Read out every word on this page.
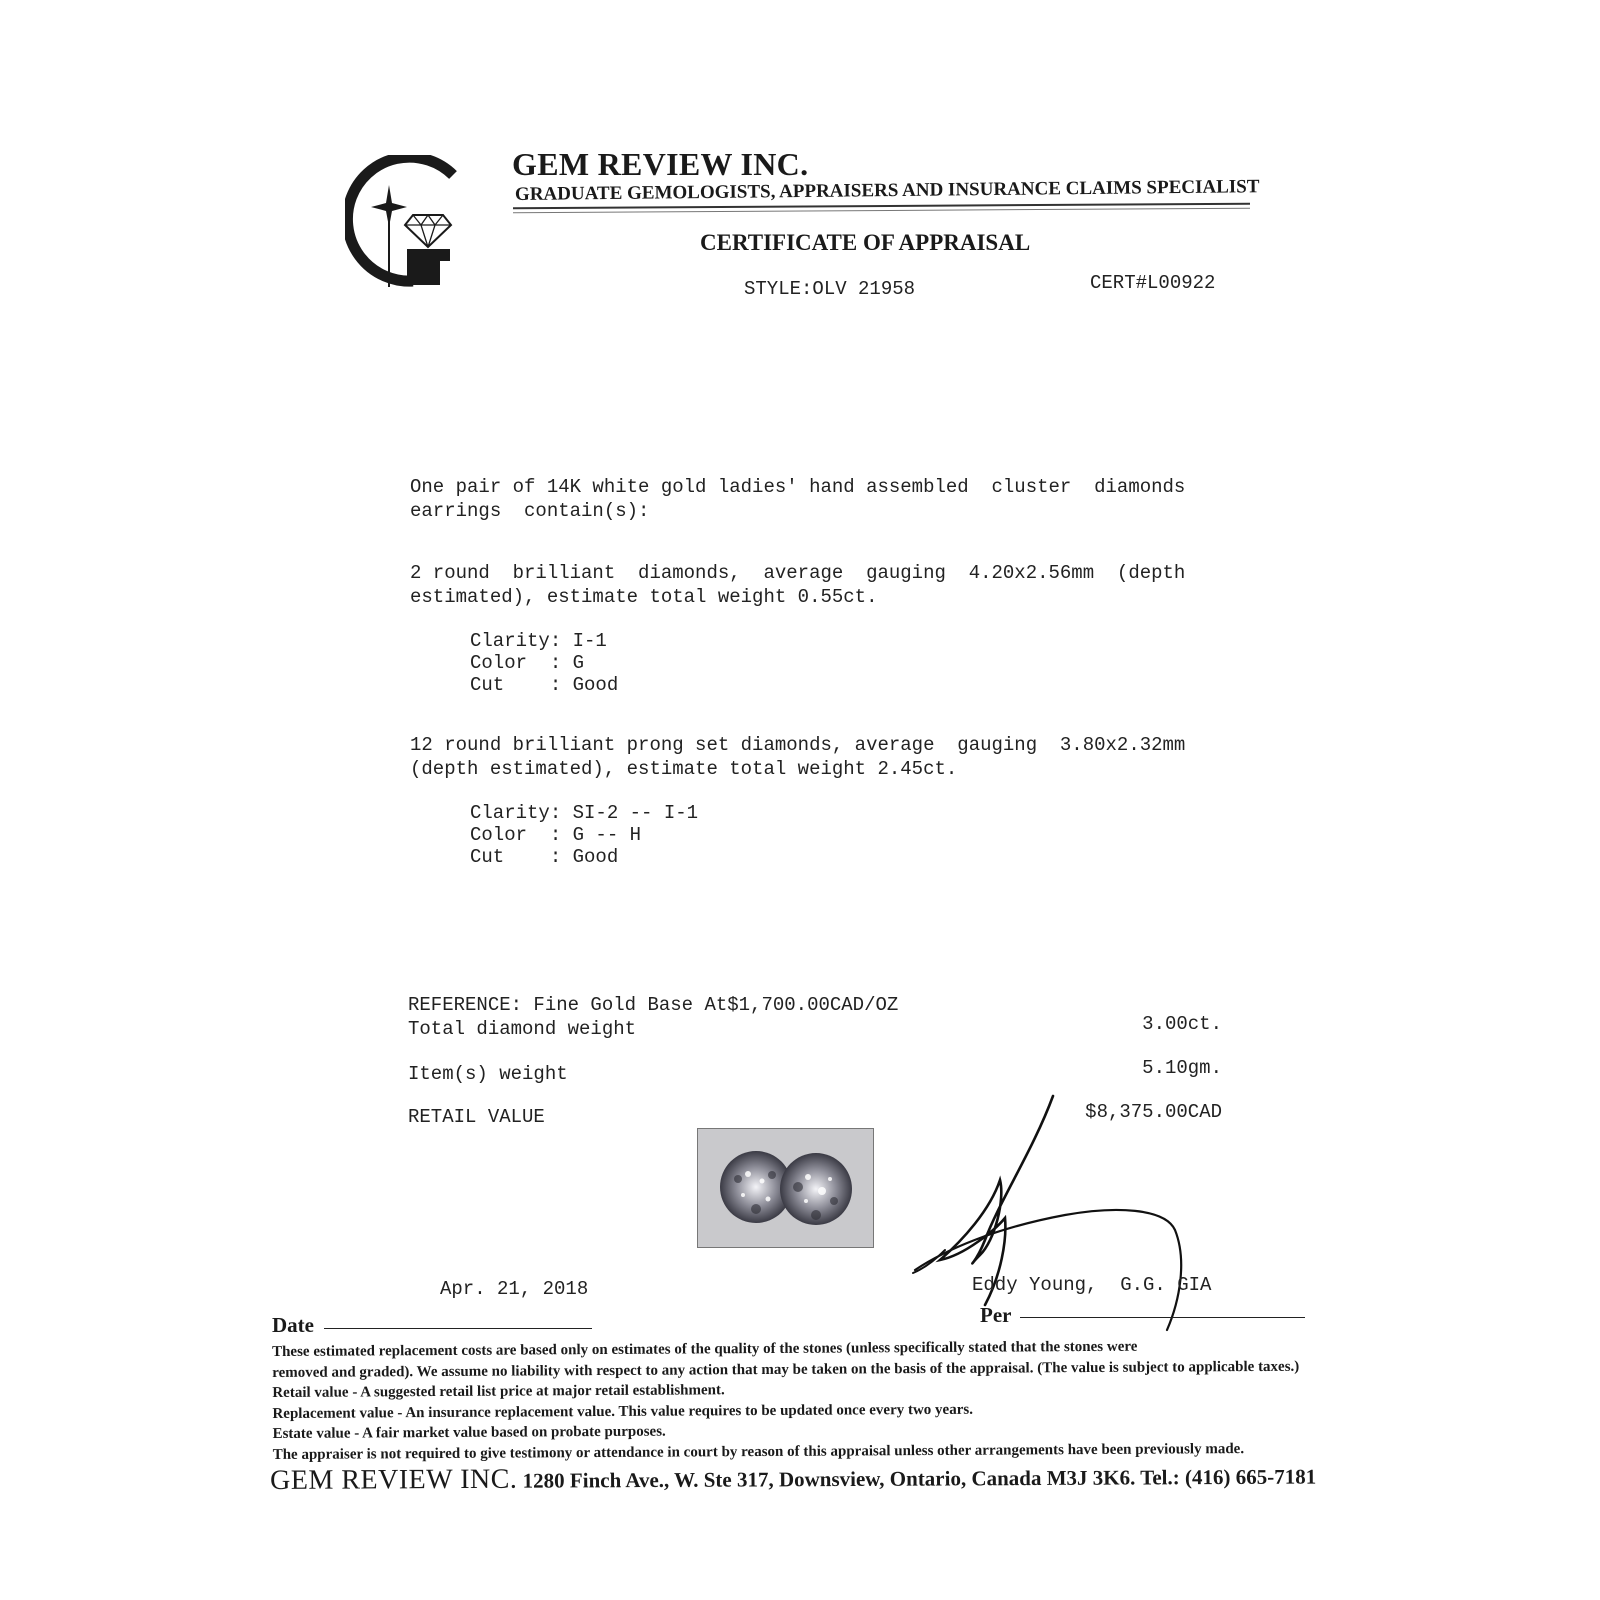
GEM REVIEW INC.
GRADUATE GEMOLOGISTS, APPRAISERS AND INSURANCE CLAIMS SPECIALIST
CERTIFICATE OF APPRAISAL
STYLE:OLV 21958	CERT#L00922
One pair of 14K white gold ladies' hand assembled  cluster  diamonds
earrings  contain(s):
2 round  brilliant  diamonds,  average  gauging  4.20x2.56mm  (depth
estimated), estimate total weight 0.55ct.
Clarity: I-1
Color  : G
Cut    : Good
12 round brilliant prong set diamonds, average  gauging  3.80x2.32mm
(depth estimated), estimate total weight 2.45ct.
Clarity: SI-2 -- I-1
Color  : G -- H
Cut    : Good
REFERENCE: Fine Gold Base At$1,700.00CAD/OZ
Total diamond weight	3.00ct.
Item(s) weight	5.10gm.
RETAIL VALUE	$8,375.00CAD
Apr. 21, 2018
Date
Eddy Young,  G.G. GIA
Per
These estimated replacement costs are based only on estimates of the quality of the stones (unless specifically stated that the stones were
removed and graded). We assume no liability with respect to any action that may be taken on the basis of the appraisal. (The value is subject to applicable taxes.)
Retail value - A suggested retail list price at major retail establishment.
Replacement value - An insurance replacement value. This value requires to be updated once every two years.
Estate value - A fair market value based on probate purposes.
The appraiser is not required to give testimony or attendance in court by reason of this appraisal unless other arrangements have been previously made.
GEM REVIEW INC. 1280 Finch Ave., W. Ste 317, Downsview, Ontario, Canada M3J 3K6. Tel.: (416) 665-7181
